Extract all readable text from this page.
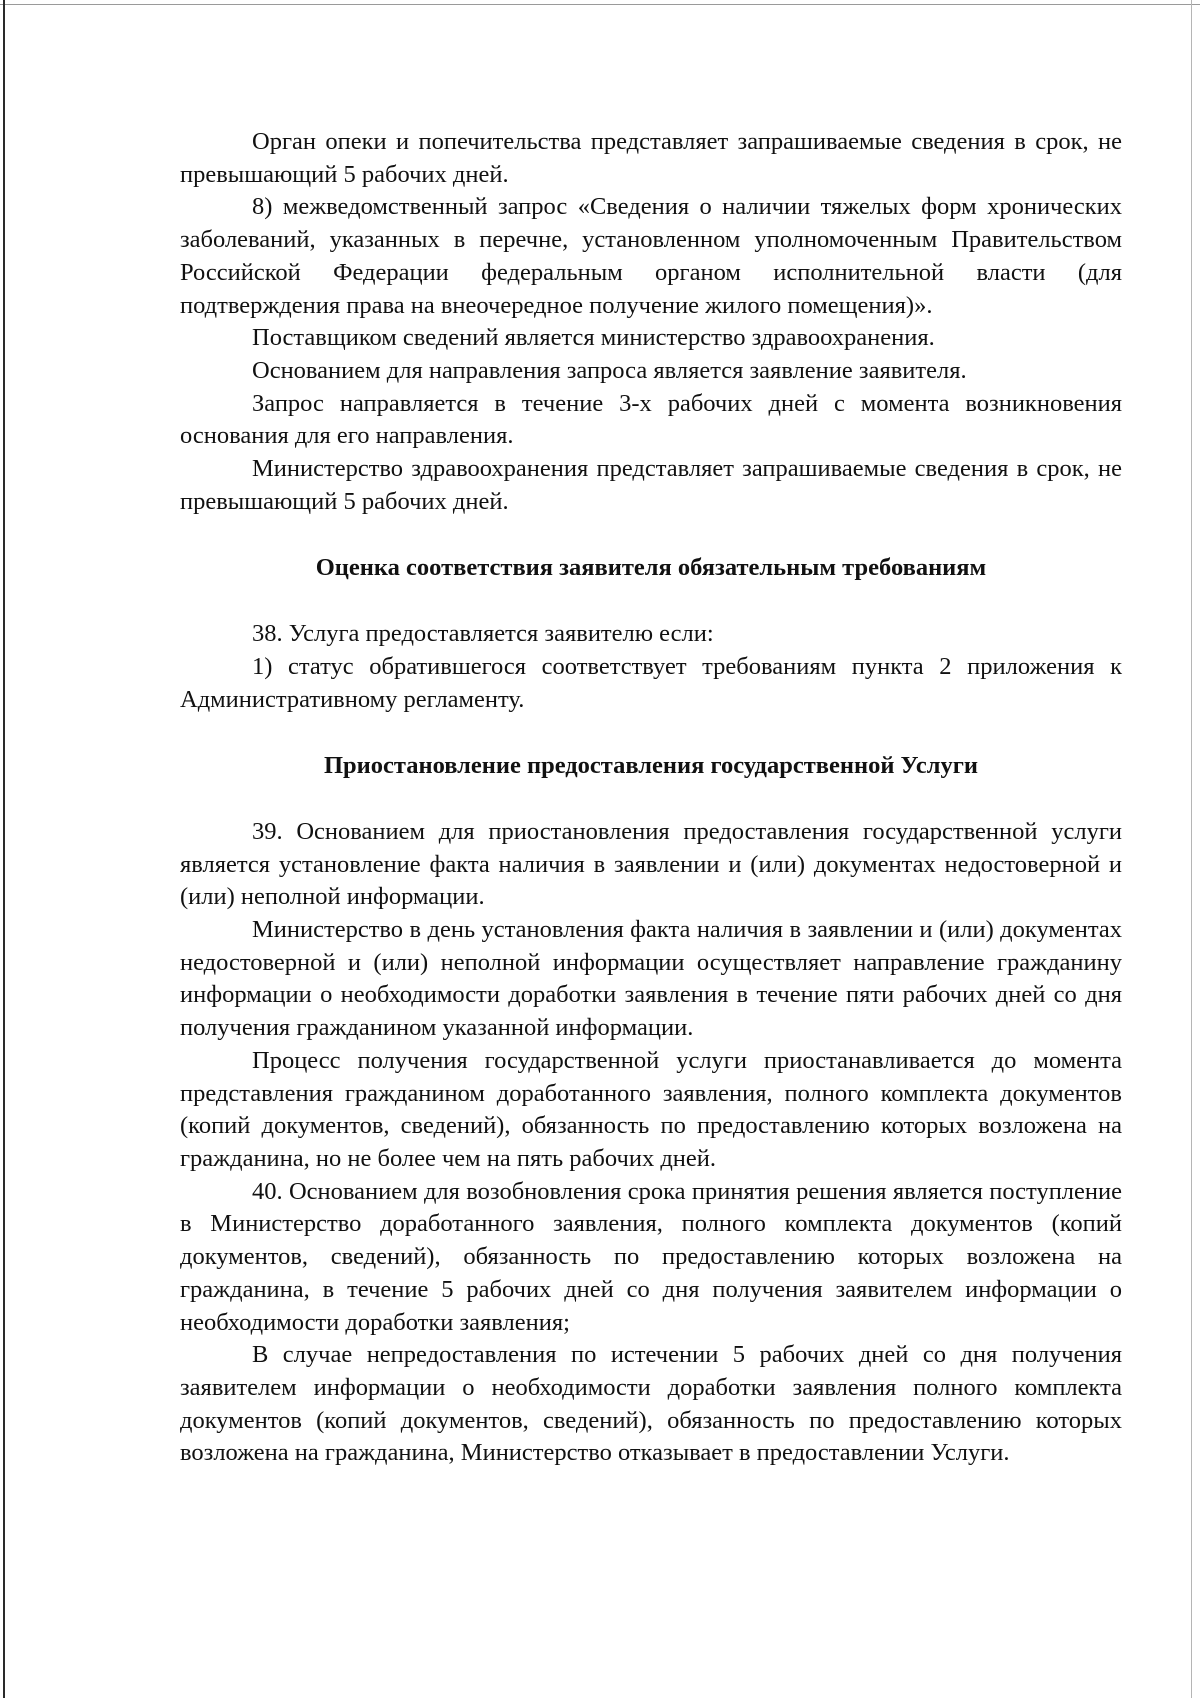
Орган опеки и попечительства представляет запрашиваемые сведения в срок, не превышающий 5 рабочих дней.

8) межведомственный запрос «Сведения о наличии тяжелых форм хронических заболеваний, указанных в перечне, установленном уполномоченным Правительством Российской Федерации федеральным органом исполнительной власти (для подтверждения права на внеочередное получение жилого помещения)».

Поставщиком сведений является министерство здравоохранения.

Основанием для направления запроса является заявление заявителя.

Запрос направляется в течение 3-х рабочих дней с момента возникновения основания для его направления.

Министерство здравоохранения представляет запрашиваемые сведения в срок, не превышающий 5 рабочих дней.

Оценка соответствия заявителя обязательным требованиям

38. Услуга предоставляется заявителю если:

1) статус обратившегося соответствует требованиям пункта 2 приложения к Административному регламенту.

Приостановление предоставления государственной Услуги

39. Основанием для приостановления предоставления государственной услуги является установление факта наличия в заявлении и (или) документах недостоверной и (или) неполной информации.

Министерство в день установления факта наличия в заявлении и (или) документах недостоверной и (или) неполной информации осуществляет направление гражданину информации о необходимости доработки заявления в течение пяти рабочих дней со дня получения гражданином указанной информации.

Процесс получения государственной услуги приостанавливается до момента представления гражданином доработанного заявления, полного комплекта документов (копий документов, сведений), обязанность по предоставлению которых возложена на гражданина, но не более чем на пять рабочих дней.

40. Основанием для возобновления срока принятия решения является поступление в Министерство доработанного заявления, полного комплекта документов (копий документов, сведений), обязанность по предоставлению которых возложена на гражданина, в течение 5 рабочих дней со дня получения заявителем информации о необходимости доработки заявления;

В случае непредоставления по истечении 5 рабочих дней со дня получения заявителем информации о необходимости доработки заявления полного комплекта документов (копий документов, сведений), обязанность по предоставлению которых возложена на гражданина, Министерство отказывает в предоставлении Услуги.
